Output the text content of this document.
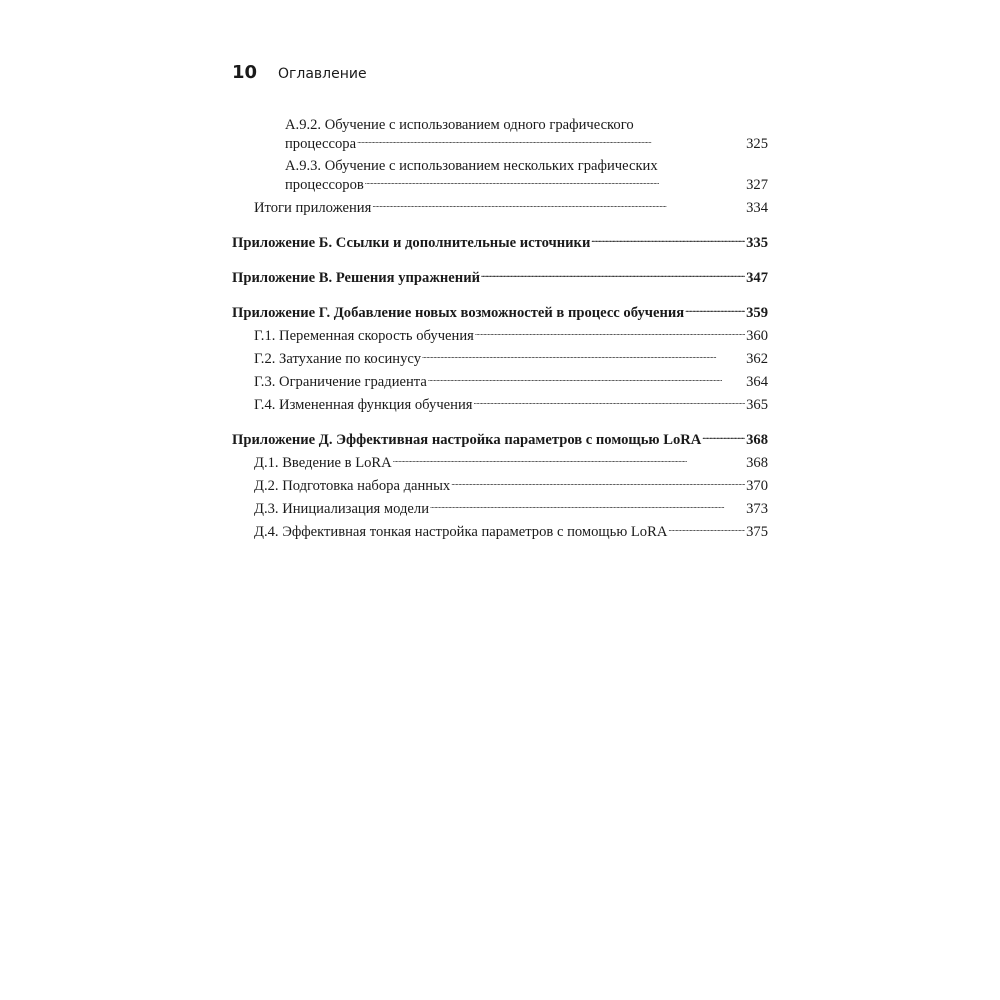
10	Оглавление
А.9.2. Обучение с использованием одного графического
процессора . . .	325
А.9.3. Обучение с использованием нескольких графических
процессоров . . .	327
Итоги приложения . . .	334
Приложение Б. Ссылки и дополнительные источники . . .	335
Приложение В. Решения упражнений . . .	347
Приложение Г. Добавление новых возможностей в процесс обучения . . .	359
Г.1. Переменная скорость обучения . . .	360
Г.2. Затухание по косинусу . . .	362
Г.3. Ограничение градиента . . .	364
Г.4. Измененная функция обучения . . .	365
Приложение Д. Эффективная настройка параметров с помощью LoRA . . .	368
Д.1. Введение в LoRA . . .	368
Д.2. Подготовка набора данных . . .	370
Д.3. Инициализация модели . . .	373
Д.4. Эффективная тонкая настройка параметров с помощью LoRA . . .	375
